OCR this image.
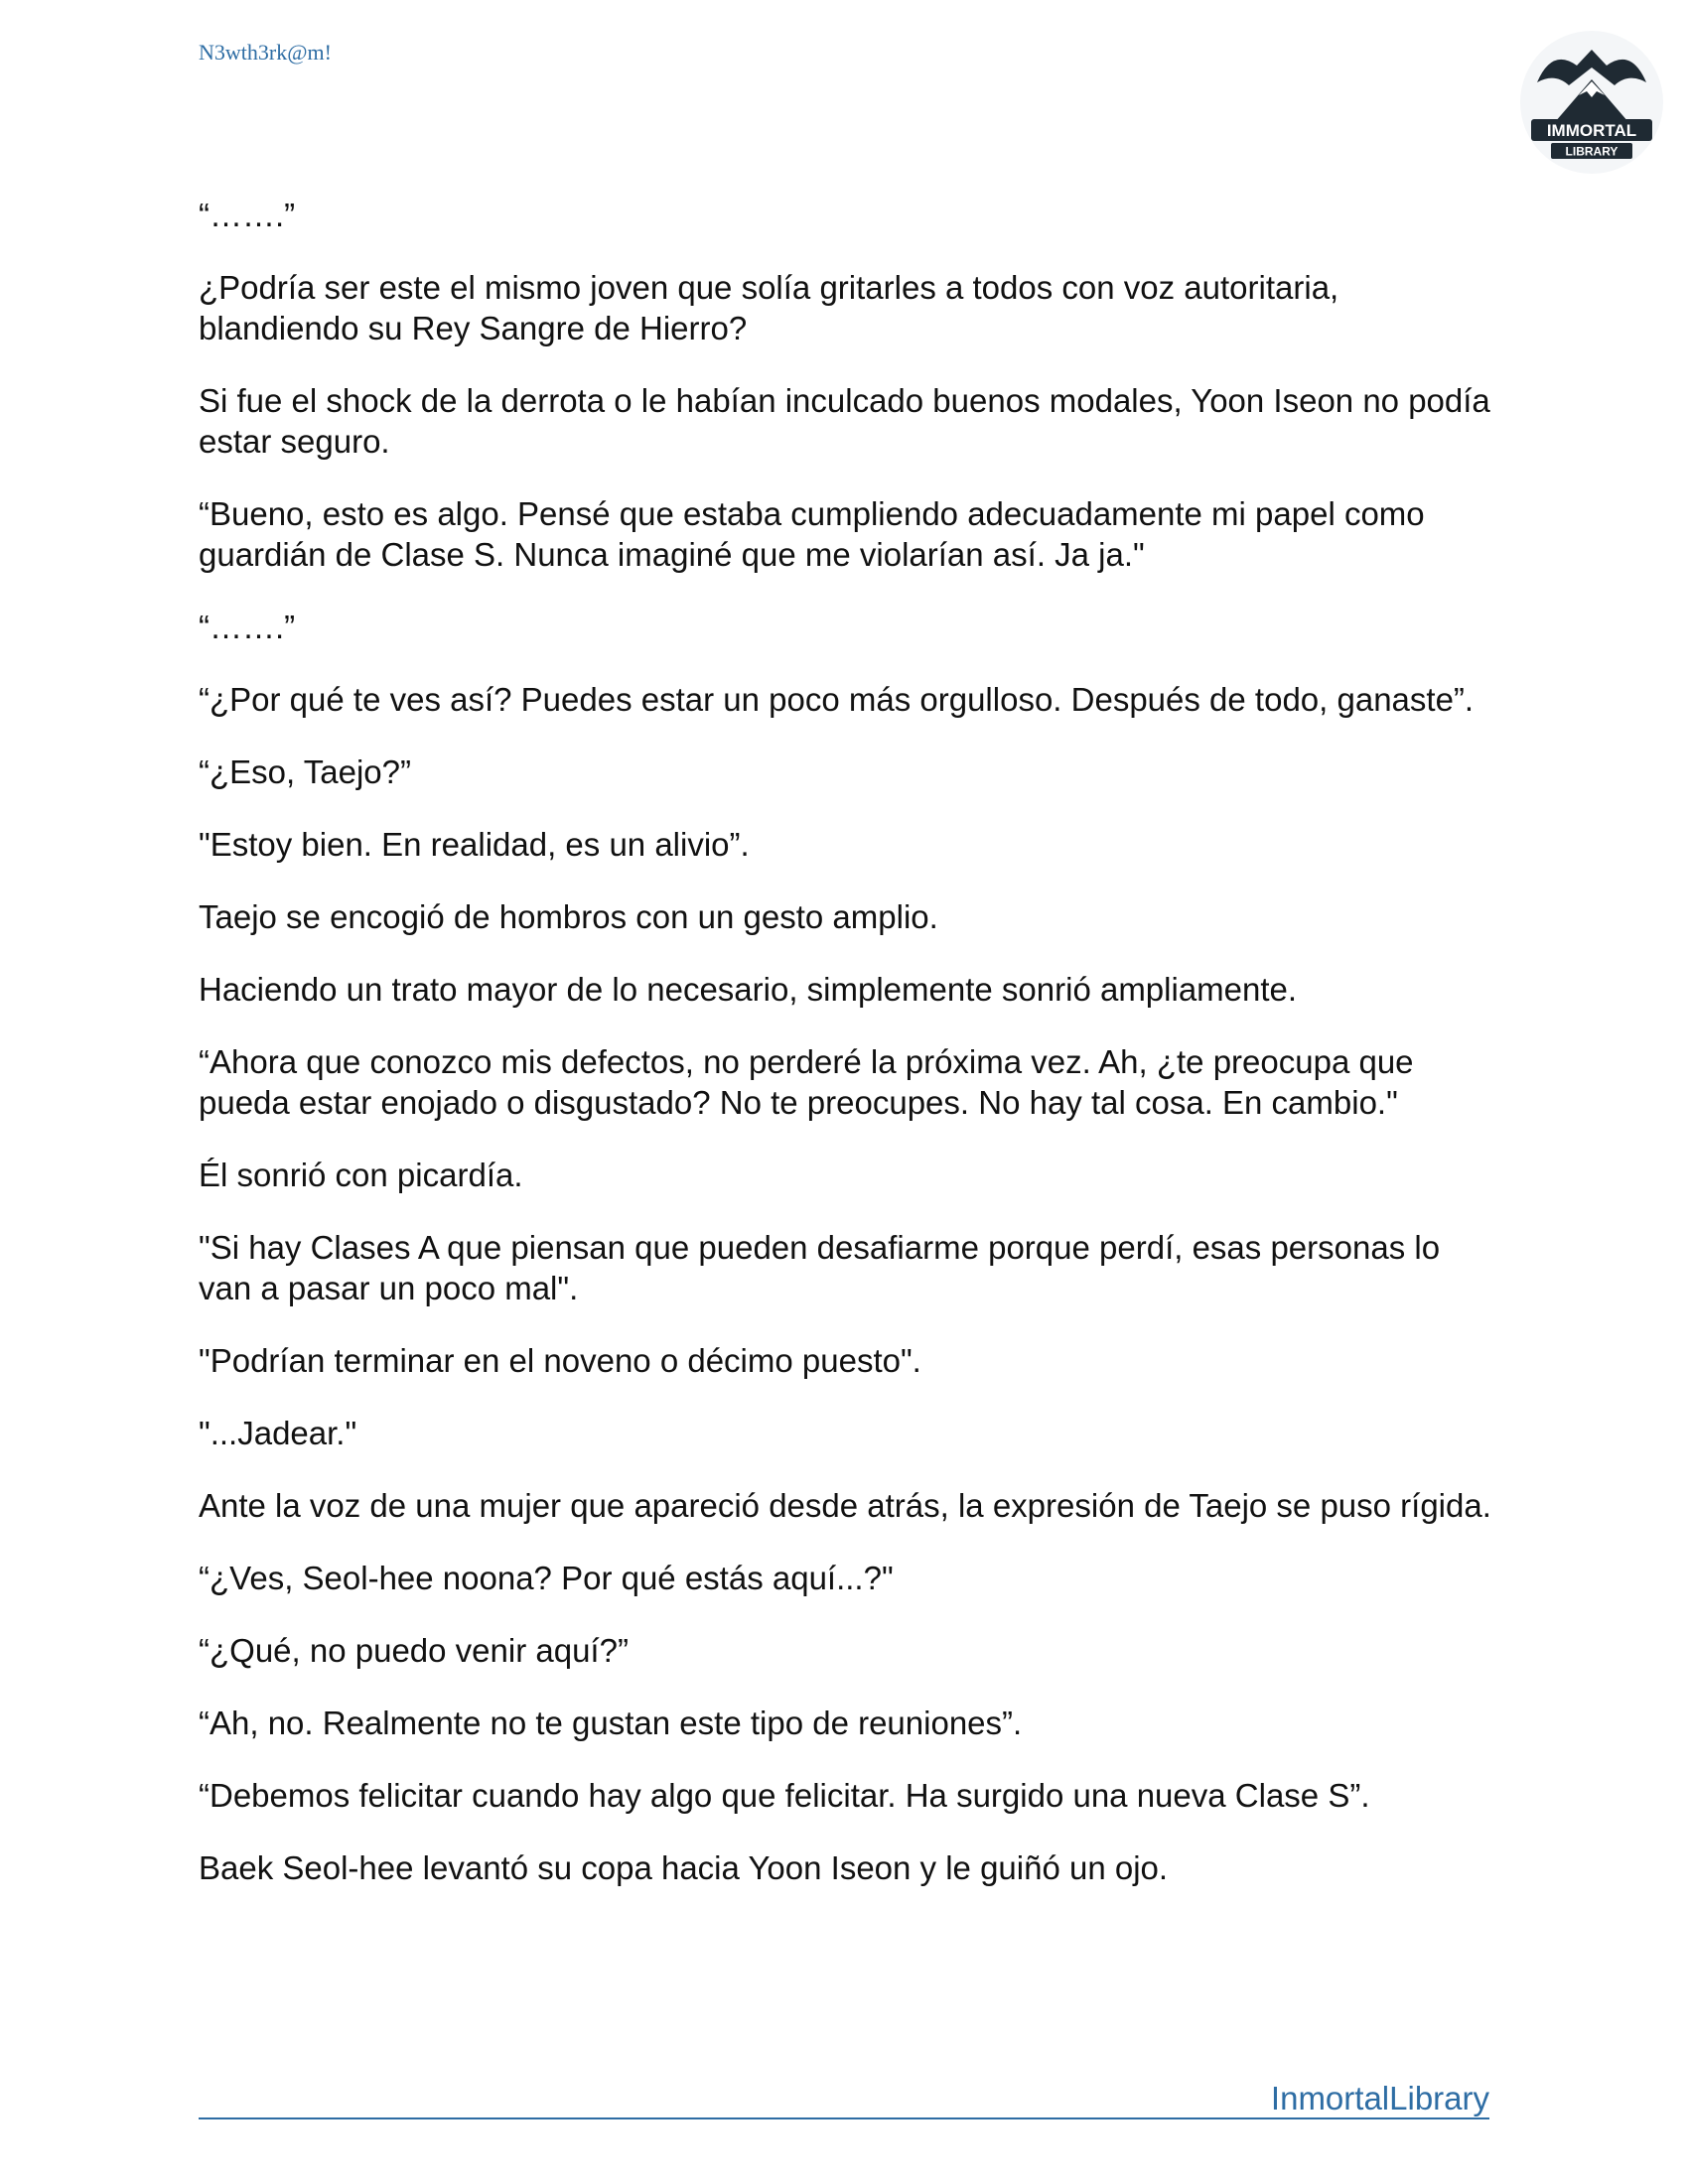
N3wth3rk@m!
IMMORTAL
LIBRARY

“…….”

¿Podría ser este el mismo joven que solía gritarles a todos con voz autoritaria, blandiendo su Rey Sangre de Hierro?

Si fue el shock de la derrota o le habían inculcado buenos modales, Yoon Iseon no podía estar seguro.

“Bueno, esto es algo. Pensé que estaba cumpliendo adecuadamente mi papel como guardián de Clase S. Nunca imaginé que me violarían así. Ja ja."

“…….”

“¿Por qué te ves así? Puedes estar un poco más orgulloso. Después de todo, ganaste”.

“¿Eso, Taejo?”

"Estoy bien. En realidad, es un alivio”.

Taejo se encogió de hombros con un gesto amplio.

Haciendo un trato mayor de lo necesario, simplemente sonrió ampliamente.

“Ahora que conozco mis defectos, no perderé la próxima vez. Ah, ¿te preocupa que pueda estar enojado o disgustado? No te preocupes. No hay tal cosa. En cambio."

Él sonrió con picardía.

"Si hay Clases A que piensan que pueden desafiarme porque perdí, esas personas lo van a pasar un poco mal".

"Podrían terminar en el noveno o décimo puesto".

"...Jadear."

Ante la voz de una mujer que apareció desde atrás, la expresión de Taejo se puso rígida.

“¿Ves, Seol-hee noona? Por qué estás aquí...?"

“¿Qué, no puedo venir aquí?”

“Ah, no. Realmente no te gustan este tipo de reuniones”.

“Debemos felicitar cuando hay algo que felicitar. Ha surgido una nueva Clase S”.

Baek Seol-hee levantó su copa hacia Yoon Iseon y le guiñó un ojo.

InmortalLibrary
